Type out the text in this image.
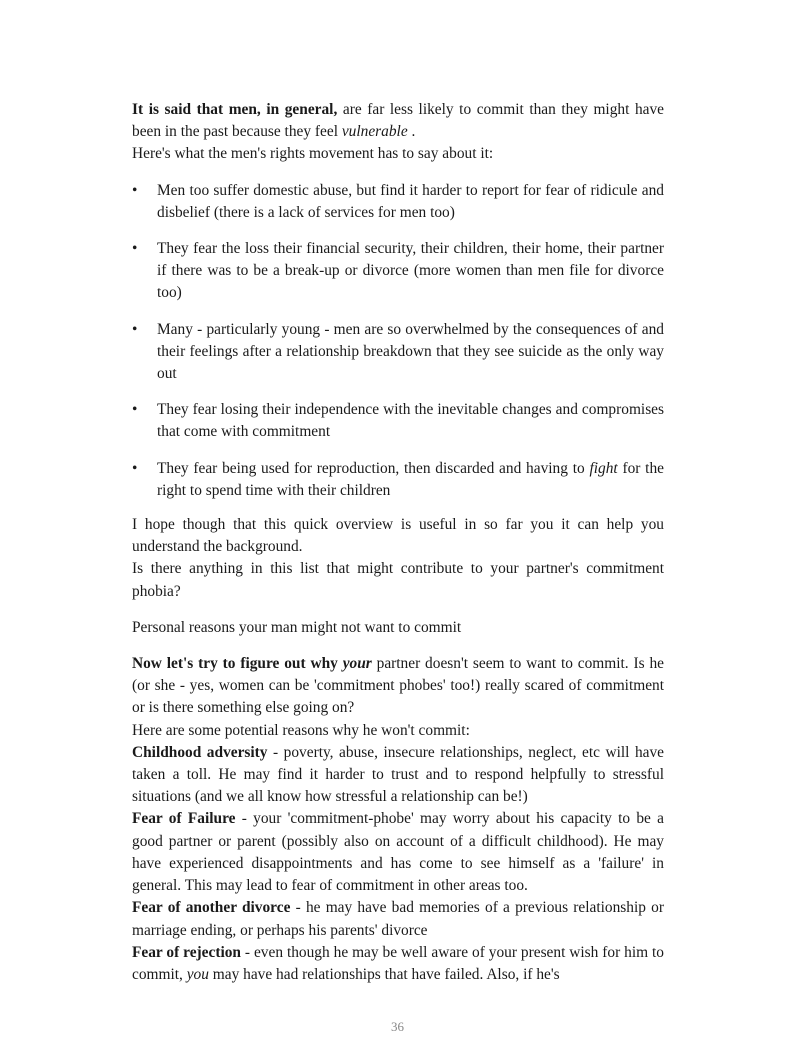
It is said that men, in general, are far less likely to commit than they might have been in the past because they feel vulnerable .
Here's what the men's rights movement has to say about it:

• Men too suffer domestic abuse, but find it harder to report for fear of ridicule and disbelief (there is a lack of services for men too)
• They fear the loss their financial security, their children, their home, their partner if there was to be a break-up or divorce (more women than men file for divorce too)
• Many - particularly young - men are so overwhelmed by the consequences of and their feelings after a relationship breakdown that they see suicide as the only way out
• They fear losing their independence with the inevitable changes and compromises that come with commitment
• They fear being used for reproduction, then discarded and having to fight for the right to spend time with their children

I hope though that this quick overview is useful in so far you it can help you understand the background.
Is there anything in this list that might contribute to your partner's commitment phobia?

Personal reasons your man might not want to commit

Now let's try to figure out why your partner doesn't seem to want to commit. Is he (or she - yes, women can be 'commitment phobes' too!) really scared of commitment or is there something else going on?
Here are some potential reasons why he won't commit:

Childhood adversity - poverty, abuse, insecure relationships, neglect, etc will have taken a toll. He may find it harder to trust and to respond helpfully to stressful situations (and we all know how stressful a relationship can be!)

Fear of Failure - your 'commitment-phobe' may worry about his capacity to be a good partner or parent (possibly also on account of a difficult childhood). He may have experienced disappointments and has come to see himself as a 'failure' in general. This may lead to fear of commitment in other areas too.

Fear of another divorce - he may have bad memories of a previous relationship or marriage ending, or perhaps his parents' divorce

Fear of rejection - even though he may be well aware of your present wish for him to commit, you may have had relationships that have failed. Also, if he's

36
